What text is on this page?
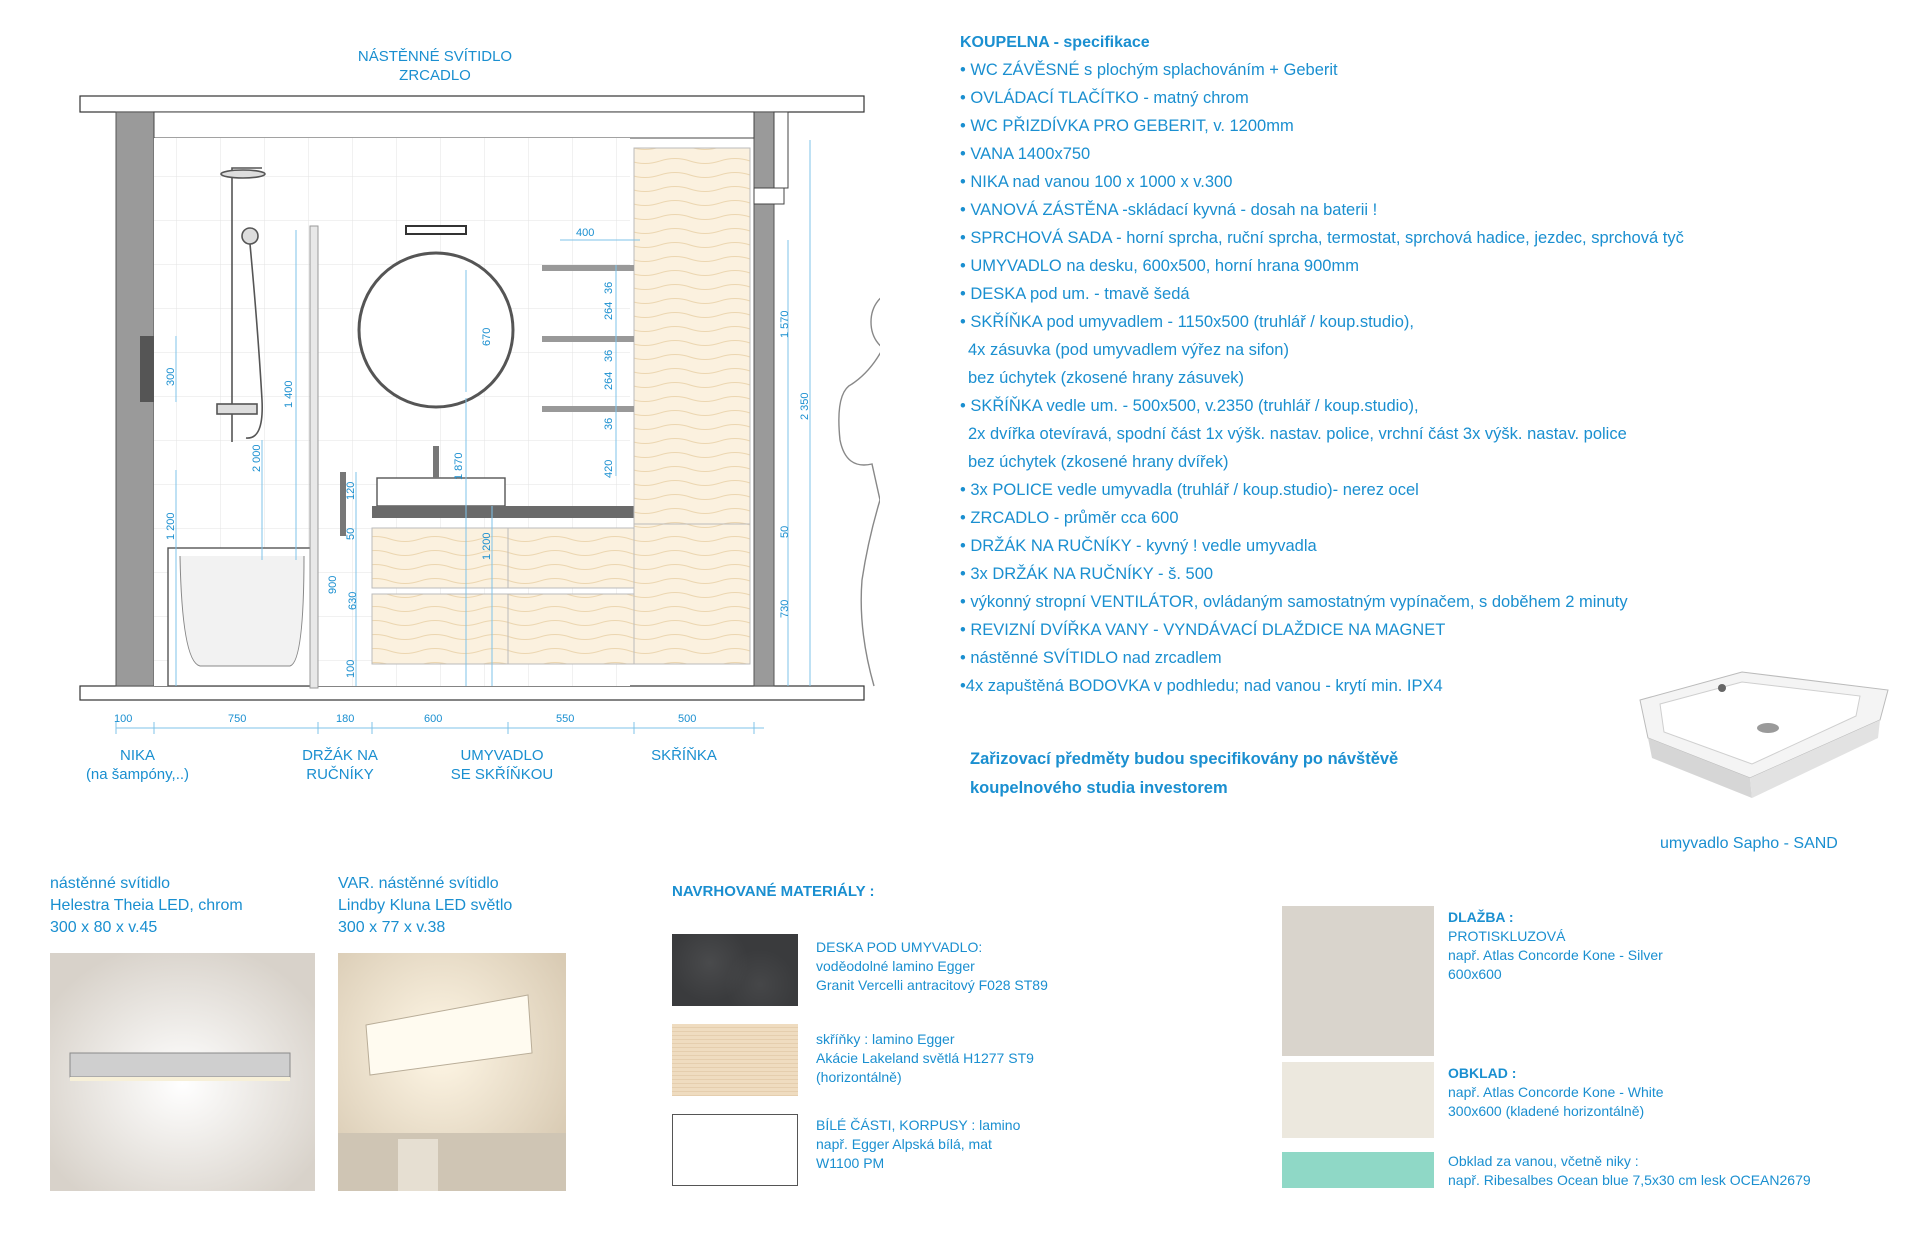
100	750	180	600	550	500
400
36
264
36
264
36
420
300
1 400
2 000
1 200
670
1 870
1 200
120
50
900
630
100
1 570
2 350
50
730
NÁSTĚNNÉ SVÍTIDLO
ZRCADLO
NIKA
(na šampóny,..)
DRŽÁK NA
RUČNÍKY
UMYVADLO
SE SKŘÍŇKOU
SKŘÍŇKA
KOUPELNA - specifikace
• WC ZÁVĚSNÉ s plochým splachováním + Geberit
• OVLÁDACÍ TLAČÍTKO - matný chrom
• WC PŘIZDÍVKA PRO GEBERIT, v. 1200mm
• VANA 1400x750
• NIKA nad vanou 100 x 1000 x v.300
• VANOVÁ ZÁSTĚNA -skládací kyvná - dosah na baterii !
• SPRCHOVÁ SADA - horní sprcha, ruční sprcha, termostat, sprchová hadice, jezdec, sprchová tyč
• UMYVADLO na desku, 600x500, horní hrana 900mm
• DESKA pod um. - tmavě šedá
• SKŘÍŇKA pod umyvadlem - 1150x500 (truhlář / koup.studio),
4x zásuvka (pod umyvadlem výřez na sifon)
bez úchytek (zkosené hrany zásuvek)
• SKŘÍŇKA vedle um. - 500x500, v.2350 (truhlář / koup.studio),
2x dvířka otevíravá, spodní část 1x výšk. nastav. police, vrchní část 3x výšk. nastav. police
bez úchytek (zkosené hrany dvířek)
• 3x POLICE vedle umyvadla (truhlář / koup.studio)- nerez ocel
• ZRCADLO - průměr cca 600
• DRŽÁK NA RUČNÍKY - kyvný ! vedle umyvadla
• 3x DRŽÁK NA RUČNÍKY - š. 500
• výkonný stropní VENTILÁTOR, ovládaným samostatným vypínačem, s doběhem 2 minuty
• REVIZNÍ DVÍŘKA VANY - VYNDÁVACÍ DLAŽDICE NA MAGNET
• nástěnné SVÍTIDLO nad zrcadlem
•4x zapuštěná BODOVKA v podhledu; nad vanou - krytí min. IPX4
Zařizovací předměty budou specifikovány po návštěvě
koupelnového studia investorem
umyvadlo Sapho - SAND
nástěnné svítidlo
Helestra Theia LED, chrom
300 x 80 x v.45
VAR. nástěnné svítidlo
Lindby Kluna LED světlo
300 x 77 x v.38
NAVRHOVANÉ MATERIÁLY :
DESKA POD UMYVADLO:
voděodolné lamino Egger
Granit Vercelli antracitový F028 ST89
skříňky : lamino Egger
Akácie Lakeland světlá H1277 ST9
(horizontálně)
BÍLÉ ČÁSTI, KORPUSY : lamino
např. Egger Alpská bílá, mat
W1100 PM
DLAŽBA :
PROTISKLUZOVÁ
např. Atlas Concorde Kone - Silver
600x600
OBKLAD :
např. Atlas Concorde Kone - White
300x600 (kladené horizontálně)
Obklad za vanou, včetně niky :
např. Ribesalbes Ocean blue 7,5x30 cm lesk OCEAN2679
